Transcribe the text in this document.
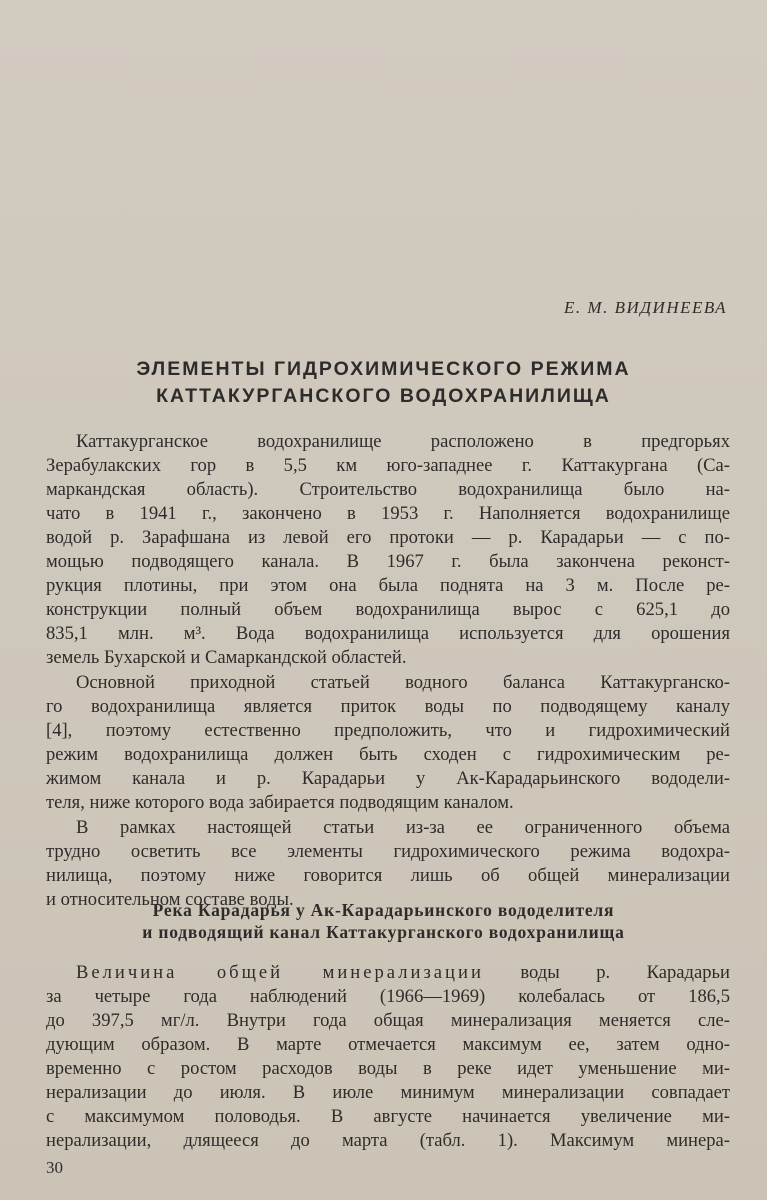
Е. М. ВИДИНЕЕВА
ЭЛЕМЕНТЫ ГИДРОХИМИЧЕСКОГО РЕЖИМА
КАТТАКУРГАНСКОГО ВОДОХРАНИЛИЩА
Каттакурганское водохранилище расположено в предгорьях
Зерабулакских гор в 5,5 км юго-западнее г. Каттакургана (Са-
маркандская область). Строительство водохранилища было на-
чато в 1941 г., закончено в 1953 г. Наполняется водохранилище
водой р. Зарафшана из левой его протоки — р. Карадарьи — с по-
мощью подводящего канала. В 1967 г. была закончена реконст-
рукция плотины, при этом она была поднята на 3 м. После ре-
конструкции полный объем водохранилища вырос с 625,1 до
835,1 млн. м³. Вода водохранилища используется для орошения
земель Бухарской и Самаркандской областей.
Основной приходной статьей водного баланса Каттакурганско-
го водохранилища является приток воды по подводящему каналу
[4], поэтому естественно предположить, что и гидрохимический
режим водохранилища должен быть сходен с гидрохимическим ре-
жимом канала и р. Карадарьи у Ак-Карадарьинского вододели-
теля, ниже которого вода забирается подводящим каналом.
В рамках настоящей статьи из-за ее ограниченного объема
трудно осветить все элементы гидрохимического режима водохра-
нилища, поэтому ниже говорится лишь об общей минерализации
и относительном составе воды.
Река Карадарья у Ак-Карадарьинского вододелителя
и подводящий канал Каттакурганского водохранилища
Величина общей минерализации воды р. Карадарьи
за четыре года наблюдений (1966—1969) колебалась от 186,5
до 397,5 мг/л. Внутри года общая минерализация меняется сле-
дующим образом. В марте отмечается максимум ее, затем одно-
временно с ростом расходов воды в реке идет уменьшение ми-
нерализации до июля. В июле минимум минерализации совпадает
с максимумом половодья. В августе начинается увеличение ми-
нерализации, длящееся до марта (табл. 1). Максимум минера-
30
